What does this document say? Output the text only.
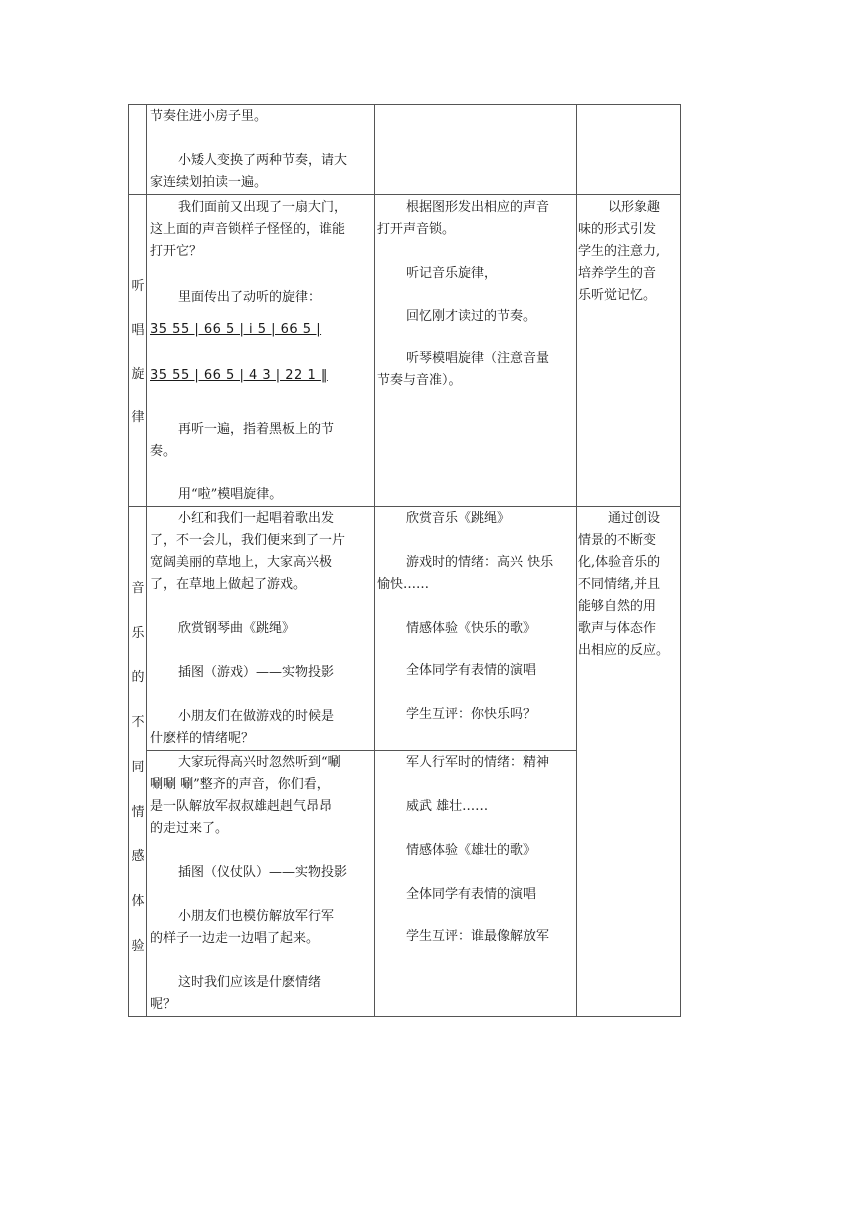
节奏住进小房子里。
小矮人变换了两种节奏，请大
家连续划拍读一遍。
听
唱
旋
律
我们面前又出现了一扇大门，
这上面的声音锁样子怪怪的，谁能
打开它？
里面传出了动听的旋律：
35 55 | 66 5 | i 5 | 66 5 |
35 55 | 66 5 | 4 3 | 22 1 ‖
再听一遍，指着黑板上的节
奏。
用“啦”模唱旋律。
根据图形发出相应的声音
打开声音锁。
听记音乐旋律，
回忆刚才读过的节奏。
听琴模唱旋律（注意音量
节奏与音准）。
以形象趣
味的形式引发
学生的注意力,
培养学生的音
乐听觉记忆。
音
乐
的
不
同
情
感
体
验
小红和我们一起唱着歌出发
了，不一会儿，我们便来到了一片
宽阔美丽的草地上，大家高兴极
了，在草地上做起了游戏。
欣赏钢琴曲《跳绳》
插图（游戏）——实物投影
小朋友们在做游戏的时候是
什麽样的情绪呢？
欣赏音乐《跳绳》
游戏时的情绪：高兴 快乐
愉快……
情感体验《快乐的歌》
全体同学有表情的演唱
学生互评：你快乐吗？
通过创设
情景的不断变
化,体验音乐的
不同情绪,并且
能够自然的用
歌声与体态作
出相应的反应。
大家玩得高兴时忽然听到“唰
唰唰 唰”整齐的声音，你们看，
是一队解放军叔叔雄赳赳气昂昂
的走过来了。
插图（仪仗队）——实物投影
小朋友们也模仿解放军行军
的样子一边走一边唱了起来。
这时我们应该是什麽情绪
呢？
军人行军时的情绪：精神
威武 雄壮……
情感体验《雄壮的歌》
全体同学有表情的演唱
学生互评：谁最像解放军
